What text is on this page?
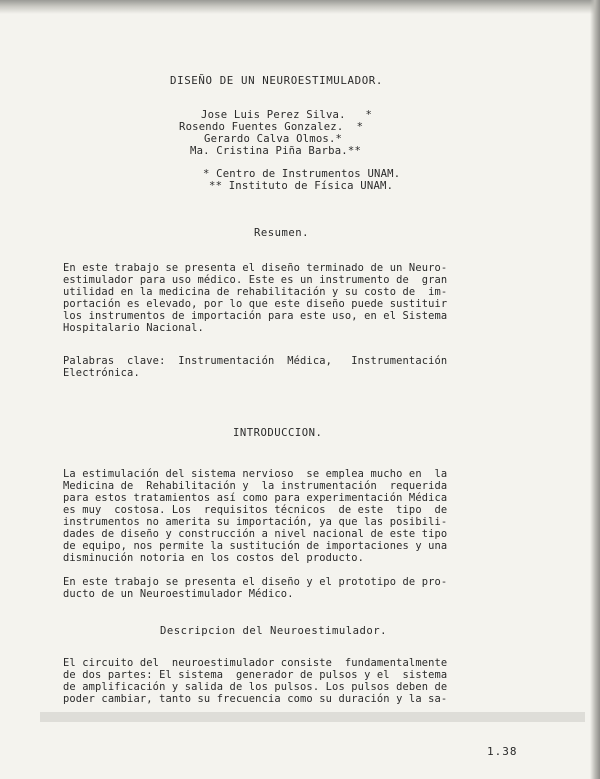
DISEÑO DE UN NEUROESTIMULADOR.
Jose Luis Perez Silva.   *
Rosendo Fuentes Gonzalez.  *
Gerardo Calva Olmos.*
Ma. Cristina Piña Barba.**
* Centro de Instrumentos UNAM.
** Instituto de Física UNAM.
Resumen.
En este trabajo se presenta el diseño terminado de un Neuro-
estimulador para uso médico. Este es un instrumento de  gran
utilidad en la medicina de rehabilitación y su costo de  im-
portación es elevado, por lo que este diseño puede sustituir
los instrumentos de importación para este uso, en el Sistema
Hospitalario Nacional.
Palabras  clave:  Instrumentación  Médica,   Instrumentación
Electrónica.
INTRODUCCION.
La estimulación del sistema nervioso  se emplea mucho en  la
Medicina de  Rehabilitación y  la instrumentación  requerida
para estos tratamientos así como para experimentación Médica
es muy  costosa. Los  requisitos técnicos  de este  tipo  de
instrumentos no amerita su importación, ya que las posibili-
dades de diseño y construcción a nivel nacional de este tipo
de equipo, nos permite la sustitución de importaciones y una
disminución notoria en los costos del producto.
En este trabajo se presenta el diseño y el prototipo de pro-
ducto de un Neuroestimulador Médico.
Descripcion del Neuroestimulador.
El circuito del  neuroestimulador consiste  fundamentalmente
de dos partes: El sistema  generador de pulsos y el  sistema
de amplificación y salida de los pulsos. Los pulsos deben de
poder cambiar, tanto su frecuencia como su duración y la sa-
1.38
